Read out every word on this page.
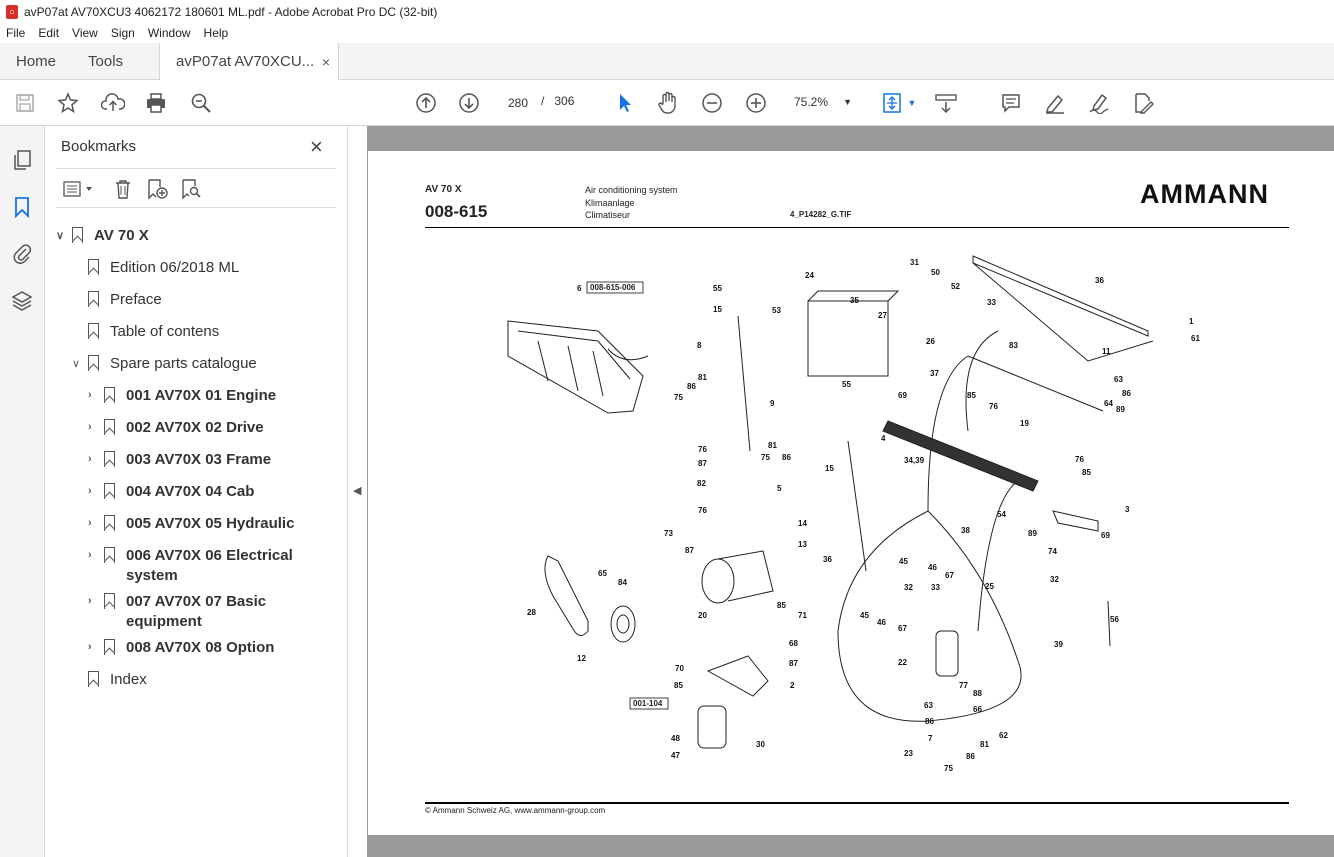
⌂ avP07at AV70XCU3 4062172 180601 ML.pdf - Adobe Acrobat Pro DC (32-bit)
File Edit View Sign Window Help
Home	Tools	avP07at AV70XCU... ×
▼
280	/ 306	75.2% ▼
Bookmarks	×
∨	AV 70 X
Edition 06/2018 ML
Preface
Table of contens
∨	Spare parts catalogue
›	001 AV70X 01 Engine
›	002 AV70X 02 Drive
›	003 AV70X 03 Frame
›	004 AV70X 04 Cab
›	005 AV70X 05 Hydraulic
›	006 AV70X 06 Electrical
system
›	007 AV70X 07 Basic
equipment
›	008 AV70X 08 Option
Index
◀
AV 70 X
008-615
Air conditioning system
Klimaanlage
Climatiseur	4_P14282_G.TIF
AMMANN
008-615-006
001-104
6	55
15
8
81
86
75
53
24
35
31
27
50
52
26
33
36
1
61
83
11
64
63
86
89
37
69	85
76
4
19
9
81
75 86
55
15
76
87
82
5
76
14
13
73
87
20
85
71
36
34,39	76
85
3
69
54
38	89
74
45
46
67	32
28
65
84
12
45
46
67
32 33	25
22
39
56
68
87
2
70
85
48
47
30
77
88
66
63
86
7
81
62
23
75
86
© Ammann Schweiz AG, www.ammann-group.com
